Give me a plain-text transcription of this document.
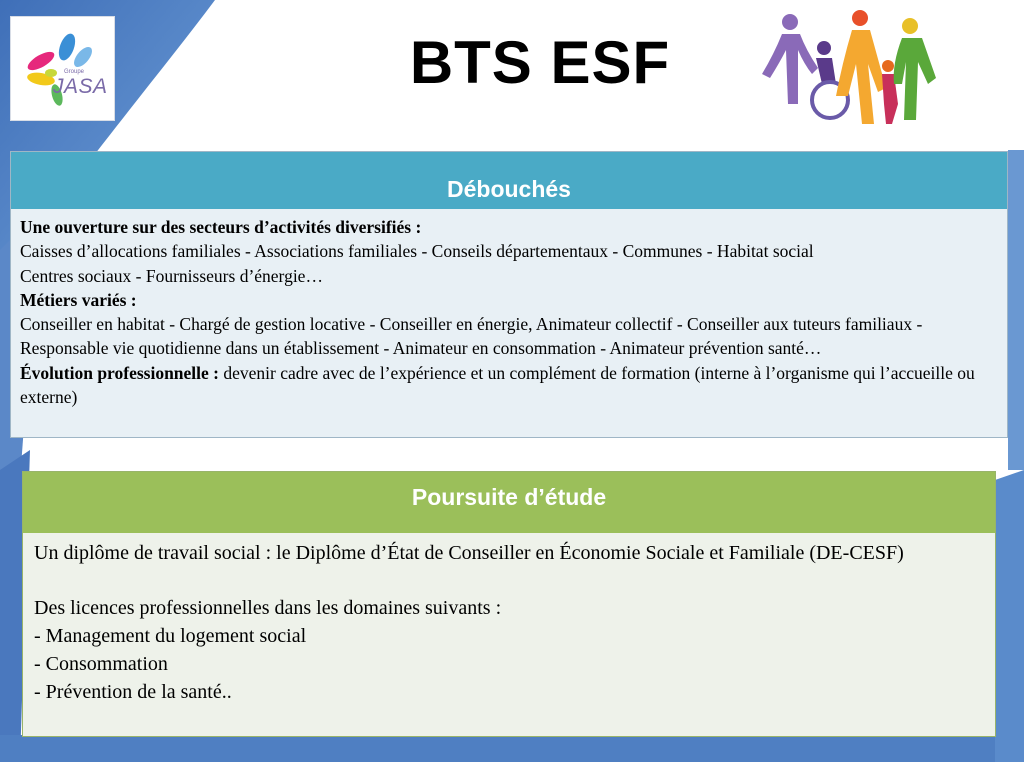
Groupe
JASA	BTS ESF
Débouchés

Une ouverture sur des secteurs d’activités diversifiés :

Caisses d’allocations familiales - Associations familiales - Conseils départementaux - Communes - Habitat social

Centres sociaux - Fournisseurs d’énergie…

Métiers variés :

Conseiller en habitat - Chargé de gestion locative - Conseiller en énergie, Animateur collectif - Conseiller aux tuteurs familiaux - Responsable vie quotidienne dans un établissement - Animateur en consommation - Animateur prévention santé…

Évolution professionnelle : devenir cadre avec de l’expérience et un complément de formation (interne à l’organisme qui l’accueille ou externe)

Poursuite d’étude

Un diplôme de travail social : le Diplôme d’État de Conseiller en Économie Sociale et Familiale (DE-CESF)

Des licences professionnelles dans les domaines suivants :

- Management du logement social

- Consommation

- Prévention de la santé..
